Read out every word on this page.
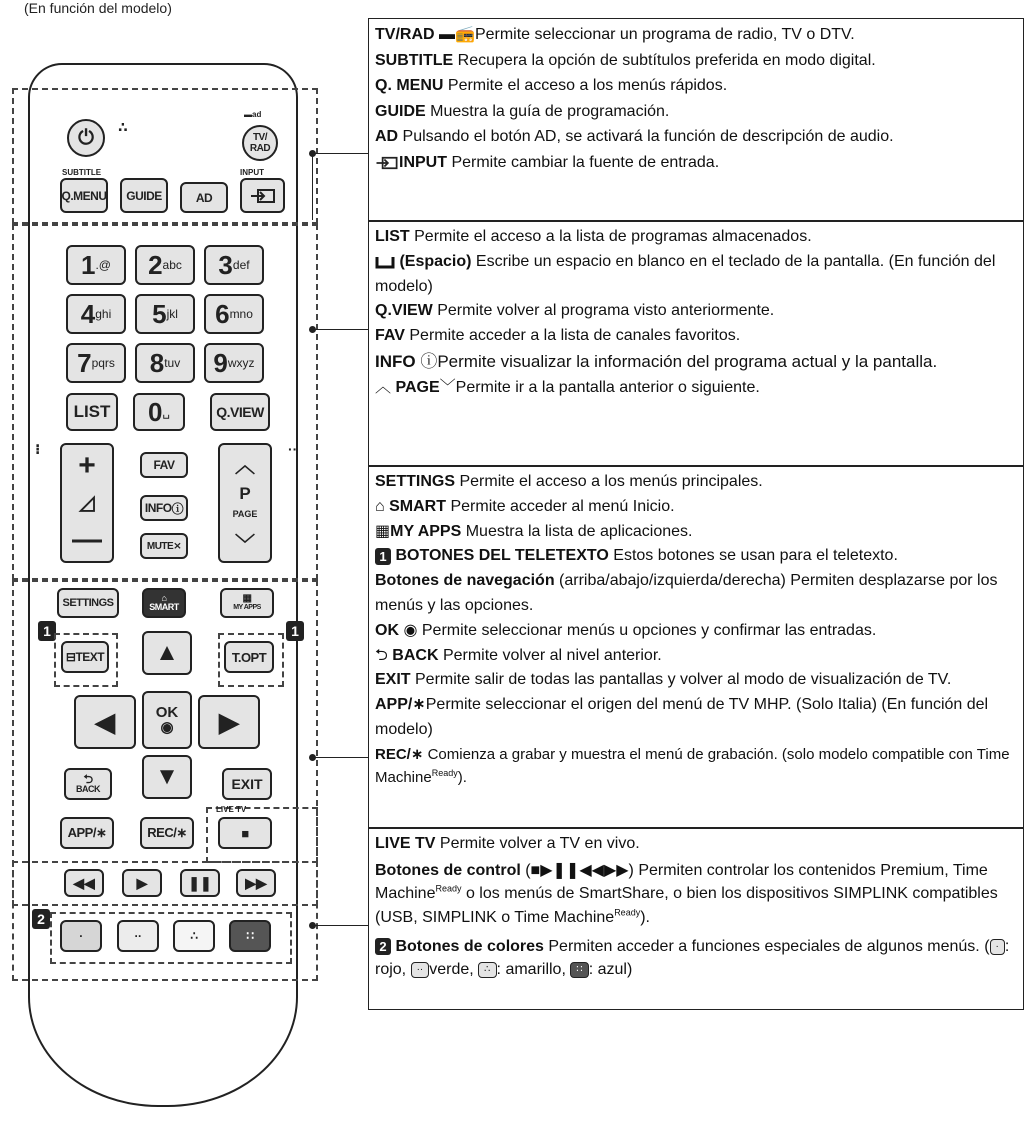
(En función del modelo)
⏻	∴
▬ad
TV/
RAD
SUBTITLE	INPUT
Q.MENU	GUIDE	AD
LIST 0 ␣	Q.VIEW
⁝	··
+
◿
—
FAV
INFO ⓘ
MUTE ⨯
︿
P
PAGE
﹀
SETTINGS	⌂
SMART
▦
MY APPS
1	1
⊟ TEXT	T.OPT
▲
◀	OK
◉	▶
▼
⮌
BACK	EXIT
LIVE TV
APP/∗	REC/∗	■
◀◀	▶	❚❚	▶▶
2
·	··	∴	∷
1 .@ 2 abc 3 def
4 ghi 5 jkl 6 mno
7 pqrs 8 tuv 9 wxyz

TV/RAD ▬📻Permite seleccionar un programa de radio, TV o DTV.

SUBTITLE Recupera la opción de subtítulos preferida en modo digital.

Q. MENU Permite el acceso a los menús rápidos.

GUIDE Muestra la guía de programación.

AD Pulsando el botón AD, se activará la función de descripción de audio.

INPUT Permite cambiar la fuente de entrada.

LIST Permite el acceso a la lista de programas almacenados.

(Espacio) Escribe un espacio en blanco en el teclado de la pantalla. (En función del modelo)

Q.VIEW Permite volver al programa visto anteriormente.

FAV Permite acceder a la lista de canales favoritos.

INFO ⓘPermite visualizar la información del programa actual y la pantalla.

︿ PAGE﹀Permite ir a la pantalla anterior o siguiente.

SETTINGS Permite el acceso a los menús principales.

⌂ SMART Permite acceder al menú Inicio.

▦MY APPS Muestra la lista de aplicaciones.

1 BOTONES DEL TELETEXTO Estos botones se usan para el teletexto.

Botones de navegación (arriba/abajo/izquierda/derecha) Permiten desplazarse por los menús y las opciones.

OK ◉ Permite seleccionar menús u opciones y confirmar las entradas.

⮌ BACK Permite volver al nivel anterior.

EXIT Permite salir de todas las pantallas y volver al modo de visualización de TV.

APP/∗Permite seleccionar el origen del menú de TV MHP. (Solo Italia) (En función del modelo)

REC/∗ Comienza a grabar y muestra el menú de grabación. (solo modelo compatible con Time Machine$^{Ready}$).

LIVE TV Permite volver a TV en vivo.

Botones de control (■▶❚❚◀◀▶▶) Permiten controlar los contenidos Premium, Time Machine$^{Ready}$ o los menús de SmartShare, o bien los dispositivos SIMPLINK compatibles (USB, SIMPLINK o Time Machine$^{Ready}$).

2 Botones de colores Permiten acceder a funciones especiales de algunos menús. ( · : rojo, ·· verde, ∴ : amarillo, ∷ : azul)
